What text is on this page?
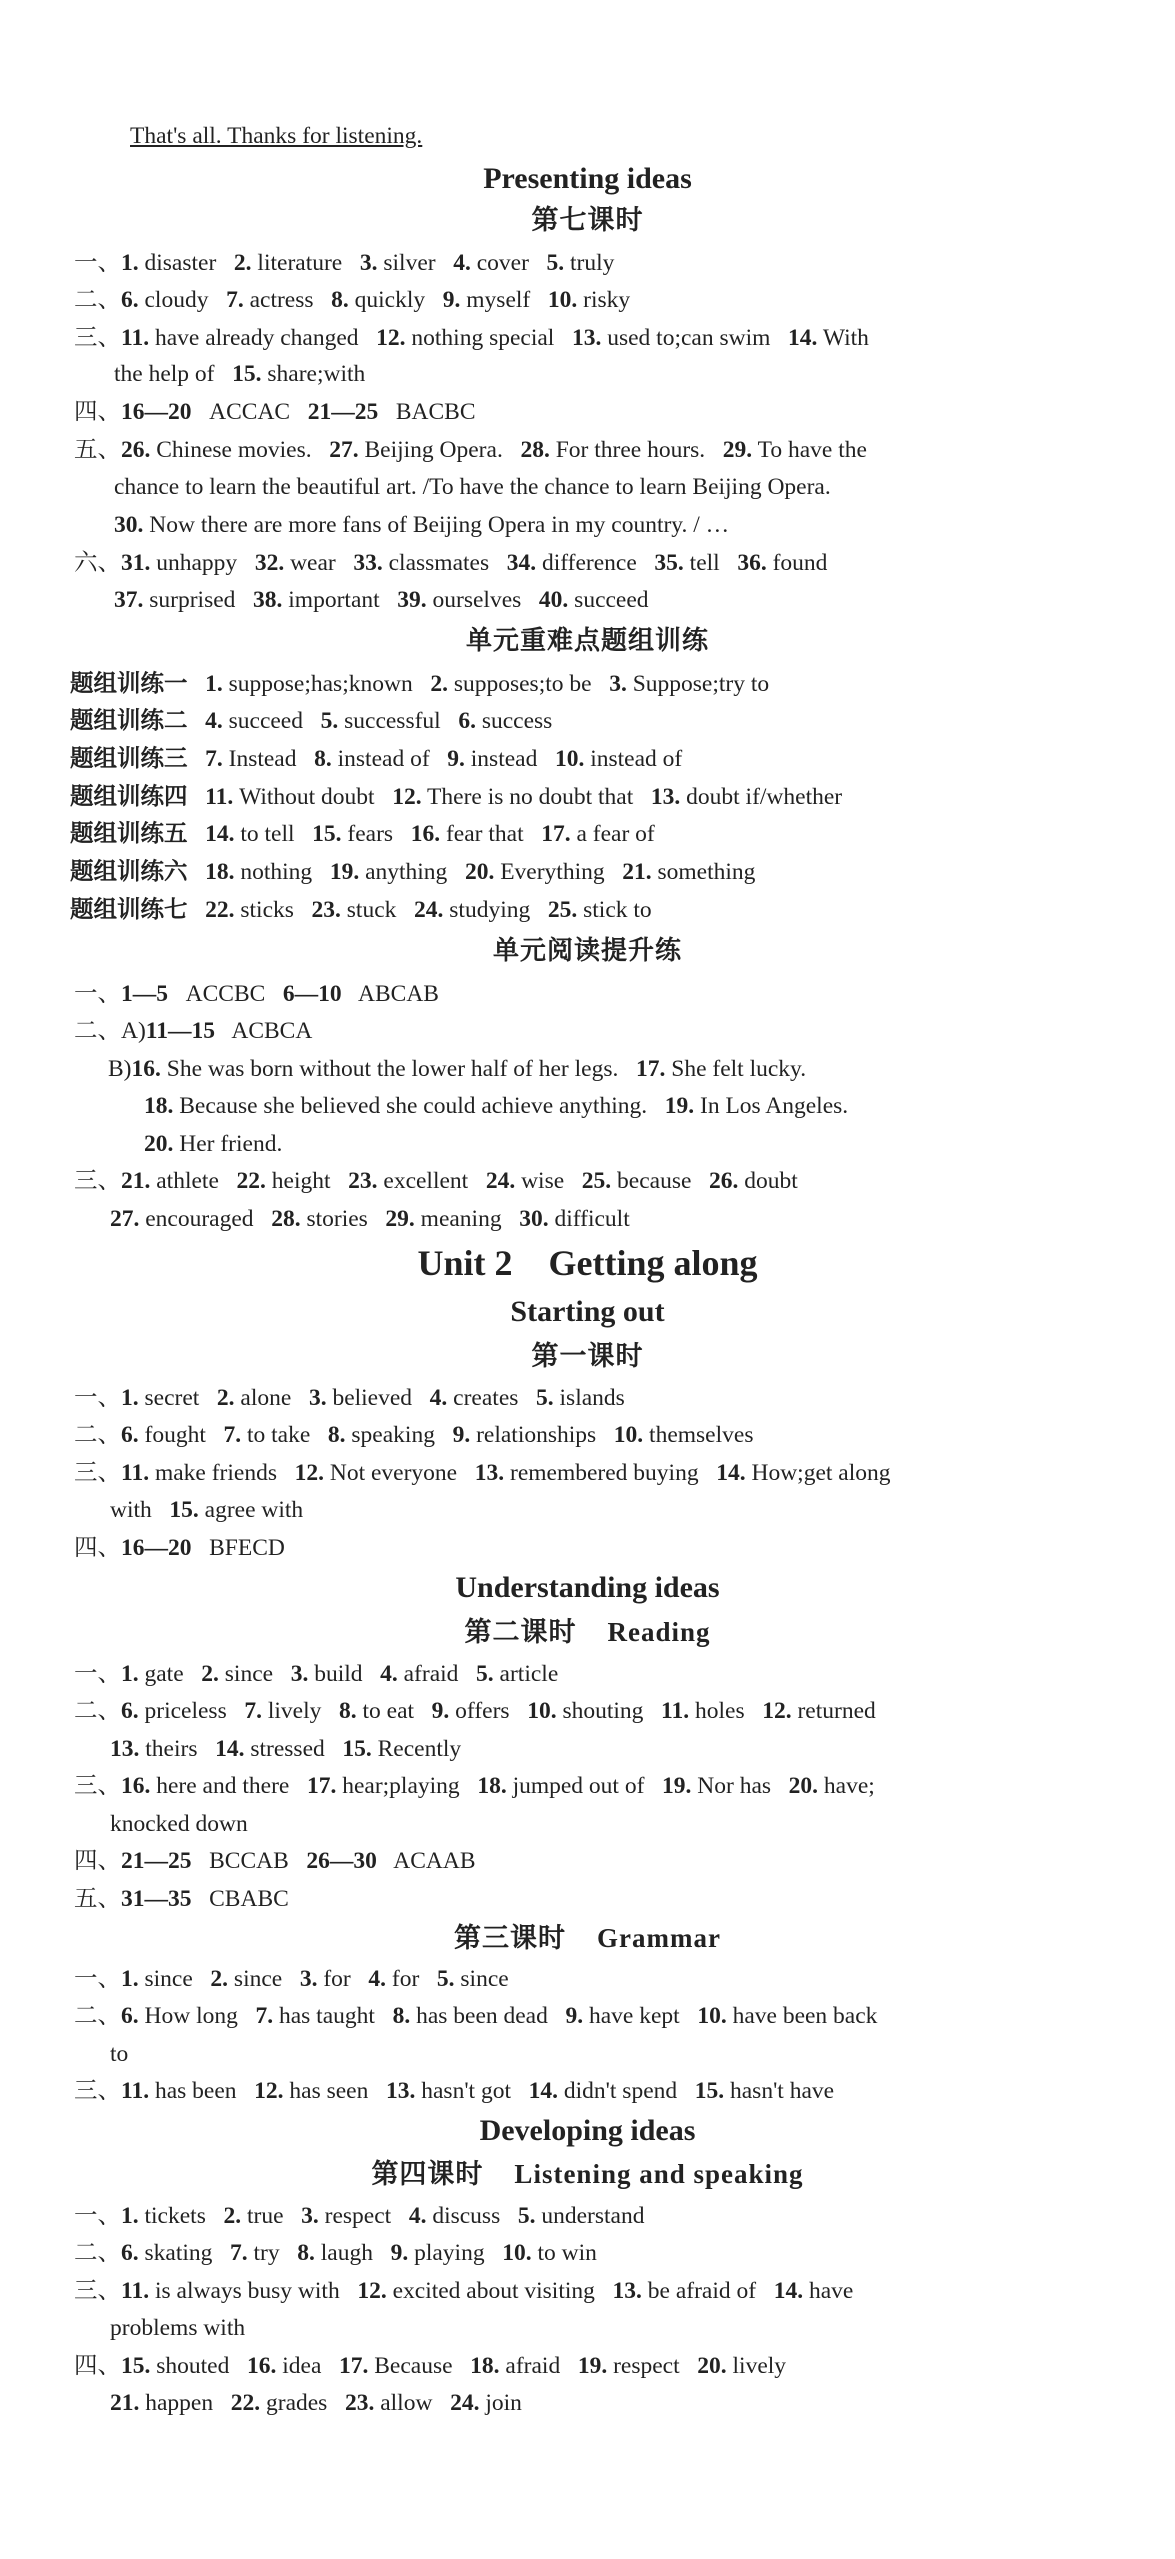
That's all. Thanks for listening.
Presenting ideas
第七课时
一、1. disaster   2. literature   3. silver   4. cover   5. truly
二、6. cloudy   7. actress   8. quickly   9. myself   10. risky
三、11. have already changed   12. nothing special   13. used to;can swim   14. With
the help of   15. share;with
四、16—20   ACCAC   21—25   BACBC
五、26. Chinese movies.   27. Beijing Opera.   28. For three hours.   29. To have the
chance to learn the beautiful art. /To have the chance to learn Beijing Opera.
30. Now there are more fans of Beijing Opera in my country. / …
六、31. unhappy   32. wear   33. classmates   34. difference   35. tell   36. found
37. surprised   38. important   39. ourselves   40. succeed
单元重难点题组训练
题组训练一 1. suppose;has;known   2. supposes;to be   3. Suppose;try to
题组训练二 4. succeed   5. successful   6. success
题组训练三 7. Instead   8. instead of   9. instead   10. instead of
题组训练四 11. Without doubt   12. There is no doubt that   13. doubt if/whether
题组训练五 14. to tell   15. fears   16. fear that   17. a fear of
题组训练六 18. nothing   19. anything   20. Everything   21. something
题组训练七 22. sticks   23. stuck   24. studying   25. stick to
单元阅读提升练
一、1—5   ACCBC   6—10   ABCAB
二、A)11—15   ACBCA
B)16. She was born without the lower half of her legs.   17. She felt lucky.
18. Because she believed she could achieve anything.   19. In Los Angeles.
20. Her friend.
三、21. athlete   22. height   23. excellent   24. wise   25. because   26. doubt
27. encouraged   28. stories   29. meaning   30. difficult
Unit 2    Getting along
Starting out
第一课时
一、1. secret   2. alone   3. believed   4. creates   5. islands
二、6. fought   7. to take   8. speaking   9. relationships   10. themselves
三、11. make friends   12. Not everyone   13. remembered buying   14. How;get along
with   15. agree with
四、16—20   BFECD
Understanding ideas
第二课时    Reading
一、1. gate   2. since   3. build   4. afraid   5. article
二、6. priceless   7. lively   8. to eat   9. offers   10. shouting   11. holes   12. returned
13. theirs   14. stressed   15. Recently
三、16. here and there   17. hear;playing   18. jumped out of   19. Nor has   20. have;
knocked down
四、21—25   BCCAB   26—30   ACAAB
五、31—35   CBABC
第三课时    Grammar
一、1. since   2. since   3. for   4. for   5. since
二、6. How long   7. has taught   8. has been dead   9. have kept   10. have been back
to
三、11. has been   12. has seen   13. hasn't got   14. didn't spend   15. hasn't have
Developing ideas
第四课时    Listening and speaking
一、1. tickets   2. true   3. respect   4. discuss   5. understand
二、6. skating   7. try   8. laugh   9. playing   10. to win
三、11. is always busy with   12. excited about visiting   13. be afraid of   14. have
problems with
四、15. shouted   16. idea   17. Because   18. afraid   19. respect   20. lively
21. happen   22. grades   23. allow   24. join
